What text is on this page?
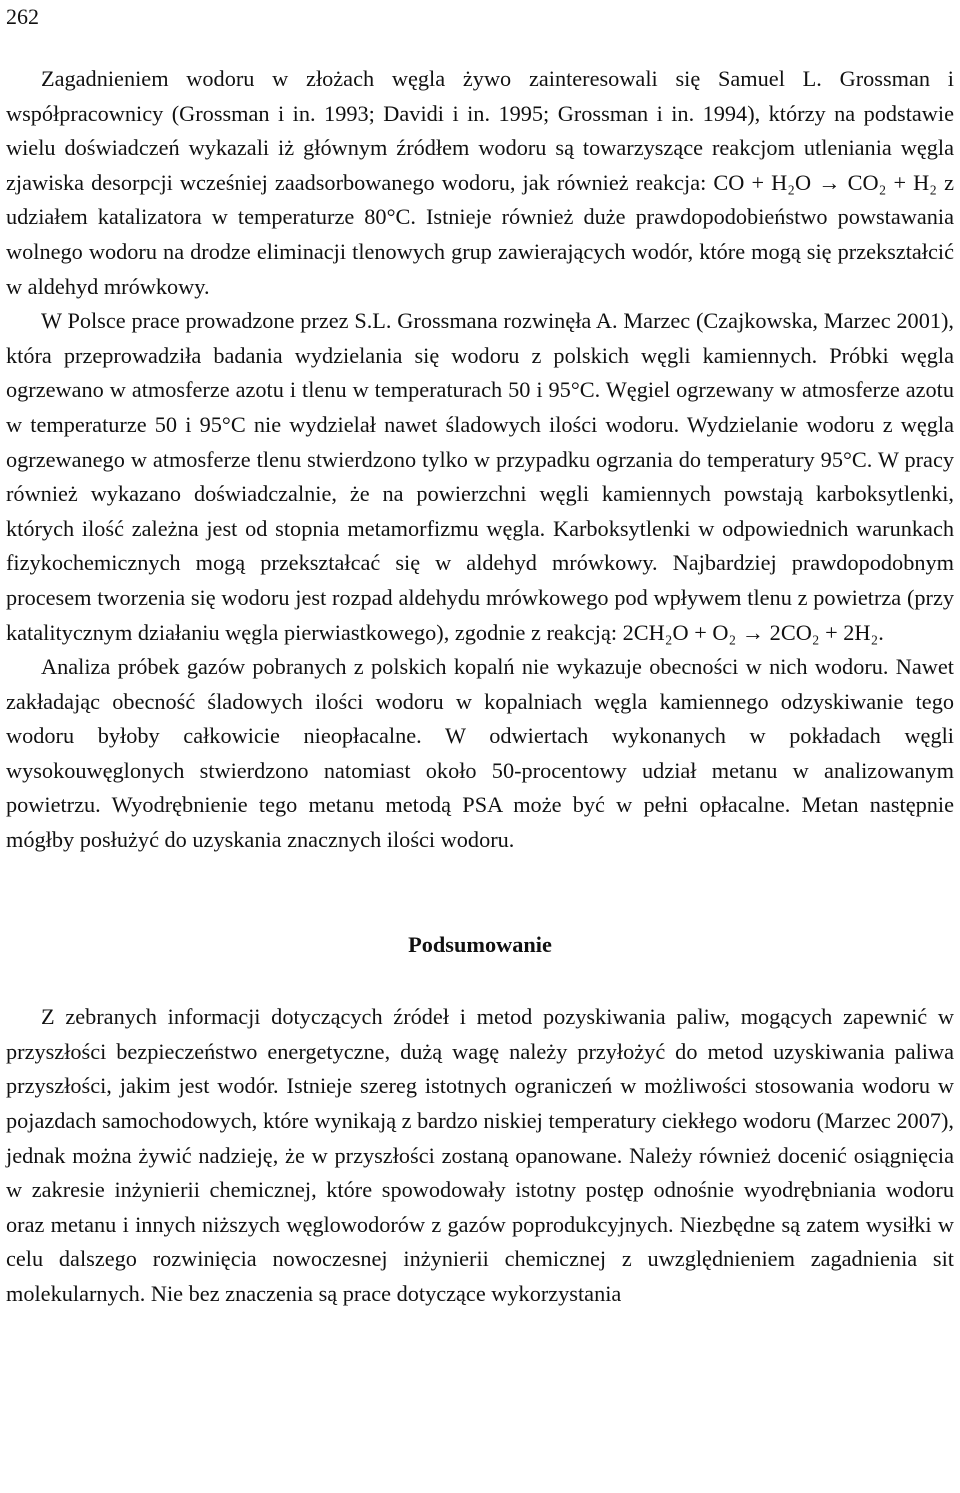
262

Zagadnieniem wodoru w złożach węgla żywo zainteresowali się Samuel L. Grossman i współpracownicy (Grossman i in. 1993; Davidi i in. 1995; Grossman i in. 1994), którzy na podstawie wielu doświadczeń wykazali iż głównym źródłem wodoru są towarzyszące reakcjom utleniania węgla zjawiska desorpcji wcześniej zaadsorbowanego wodoru, jak również reakcja: CO + H₂O → CO₂ + H₂ z udziałem katalizatora w temperaturze 80°C. Istnieje również duże prawdopodobieństwo powstawania wolnego wodoru na drodze eliminacji tlenowych grup zawierających wodór, które mogą się przekształcić w aldehyd mrówkowy.

W Polsce prace prowadzone przez S.L. Grossmana rozwinęła A. Marzec (Czajkowska, Marzec 2001), która przeprowadziła badania wydzielania się wodoru z polskich węgli kamiennych. Próbki węgla ogrzewano w atmosferze azotu i tlenu w temperaturach 50 i 95°C. Węgiel ogrzewany w atmosferze azotu w temperaturze 50 i 95°C nie wydzielał nawet śladowych ilości wodoru. Wydzielanie wodoru z węgla ogrzewanego w atmosferze tlenu stwierdzono tylko w przypadku ogrzania do temperatury 95°C. W pracy również wykazano doświadczalnie, że na powierzchni węgli kamiennych powstają karboksytlenki, których ilość zależna jest od stopnia metamorfizmu węgla. Karboksytlenki w odpowiednich warunkach fizykochemicznych mogą przekształcać się w aldehyd mrówkowy. Najbardziej prawdopodobnym procesem tworzenia się wodoru jest rozpad aldehydu mrówkowego pod wpływem tlenu z powietrza (przy katalitycznym działaniu węgla pierwiastkowego), zgodnie z reakcją: 2CH₂O + O₂ → 2CO₂ + 2H₂.

Analiza próbek gazów pobranych z polskich kopalń nie wykazuje obecności w nich wodoru. Nawet zakładając obecność śladowych ilości wodoru w kopalniach węgla kamiennego odzyskiwanie tego wodoru byłoby całkowicie nieopłacalne. W odwiertach wykonanych w pokładach węgli wysokouwęglonych stwierdzono natomiast około 50-procentowy udział metanu w analizowanym powietrzu. Wyodrębnienie tego metanu metodą PSA może być w pełni opłacalne. Metan następnie mógłby posłużyć do uzyskania znacznych ilości wodoru.

Podsumowanie

Z zebranych informacji dotyczących źródeł i metod pozyskiwania paliw, mogących zapewnić w przyszłości bezpieczeństwo energetyczne, dużą wagę należy przyłożyć do metod uzyskiwania paliwa przyszłości, jakim jest wodór. Istnieje szereg istotnych ograniczeń w możliwości stosowania wodoru w pojazdach samochodowych, które wynikają z bardzo niskiej temperatury ciekłego wodoru (Marzec 2007), jednak można żywić nadzieję, że w przyszłości zostaną opanowane. Należy również docenić osiągnięcia w zakresie inżynierii chemicznej, które spowodowały istotny postęp odnośnie wyodrębniania wodoru oraz metanu i innych niższych węglowodorów z gazów poprodukcyjnych. Niezbędne są zatem wysiłki w celu dalszego rozwinięcia nowoczesnej inżynierii chemicznej z uwzględnieniem zagadnienia sit molekularnych. Nie bez znaczenia są prace dotyczące wykorzystania
